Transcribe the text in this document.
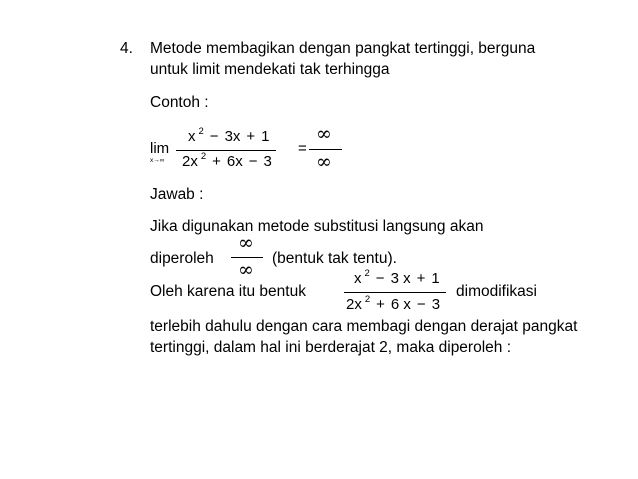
4. Metode membagikan dengan pangkat tertinggi, berguna
untuk limit mendekati tak terhingga
Contoh :
lim
x→∞
x $^2$ − 3x + 1
2x $^2$ + 6x − 3
=
∞
∞
Jawab :
Jika digunakan metode substitusi langsung akan
diperoleh
∞
∞
(bentuk tak tentu).
Oleh karena itu bentuk
x $^2$ − 3 x + 1
2x $^2$ + 6 x − 3
dimodifikasi
terlebih dahulu dengan cara membagi dengan derajat pangkat
tertinggi, dalam hal ini berderajat 2, maka diperoleh :
